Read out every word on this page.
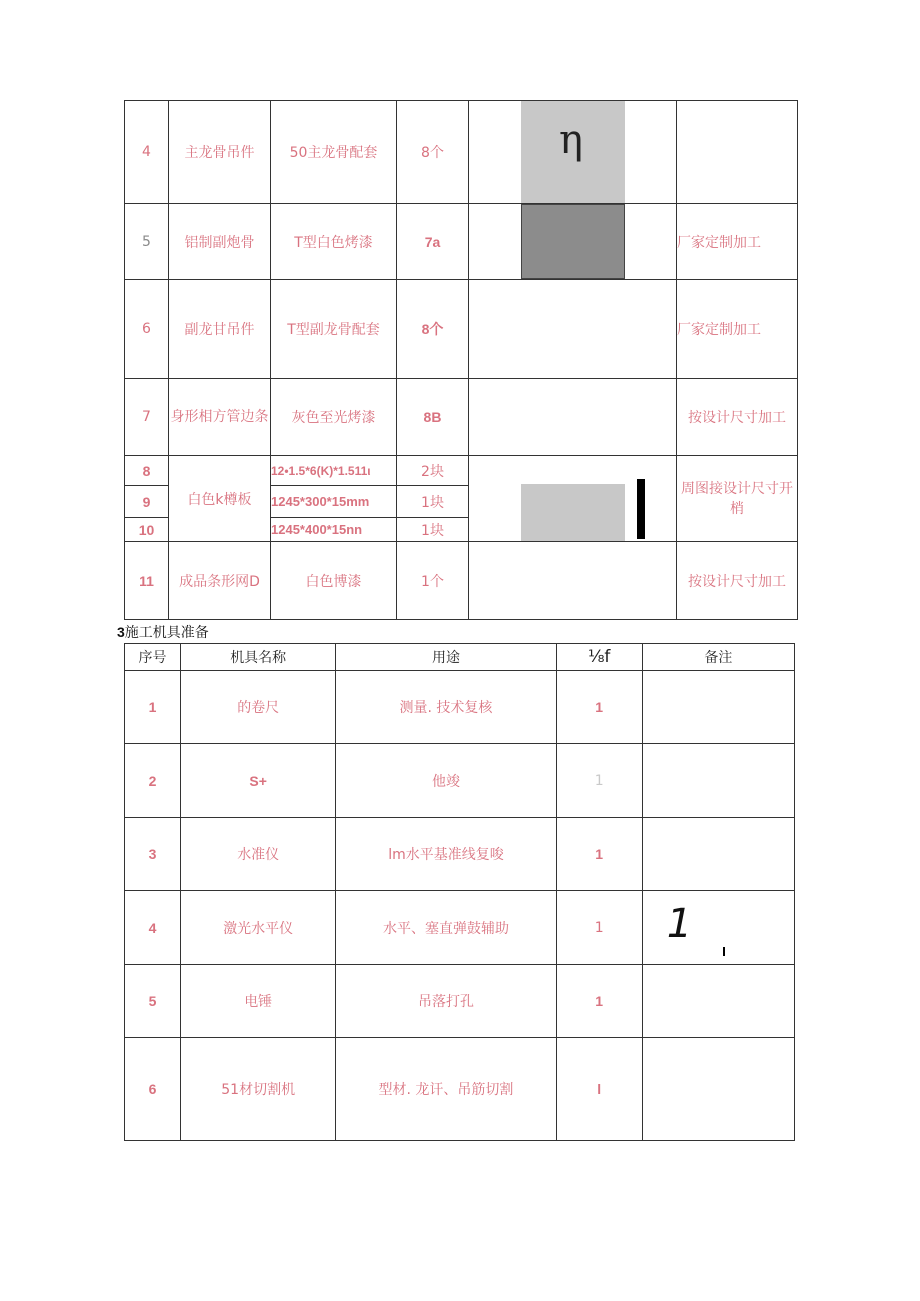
4	主龙骨吊件	50主龙骨配套	8个	η	

5	铝制副炮骨	T型白色烤漆	7a		厂家定制加工
6	副龙甘吊件	T型副龙骨配套	8个		厂家定制加工
7	身形相方管边条	灰色至光烤漆	8B		按设计尺寸加工
8	白色k樽板	12•1.5*6(K)*1.511ι	2块		周图接设计尺寸开梢
9		1245*300*15mm	1块		
10		1245*400*15nn	1块		
11	成品条形网D	白色博漆	1个		按设计尺寸加工
3施工机具准备
序号	机具名称	用途	⅛f	备注
1	的卷尺	测量. 技术复核	1	
2	S+	他竣	1	
3	水准仪	lm水平基准线复唆	1	
4	激光水平仪	水平、塞直弹鼓辅助	1	1

5	电锤	吊落打孔	1	
6	51材切割机	型材. 龙讦、吊筋切割	l	
